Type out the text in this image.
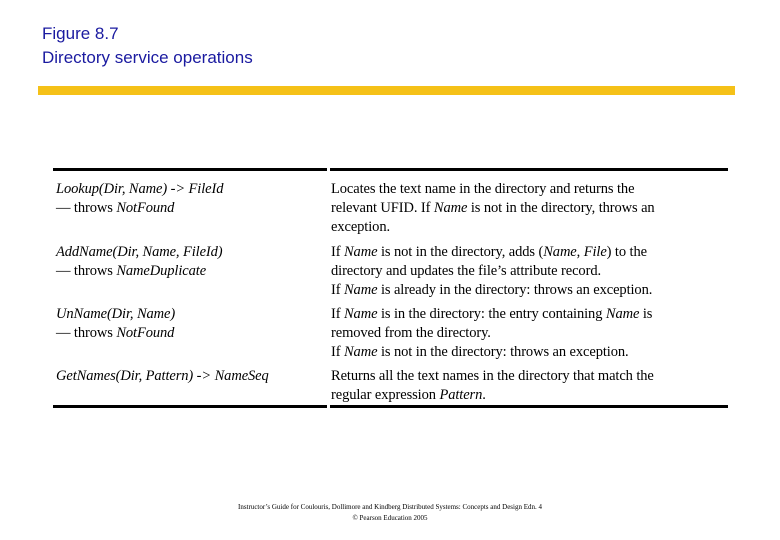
Figure 8.7
Directory service operations
Lookup(Dir, Name) -> FileId
— throws NotFound
Locates the text name in the directory and returns the
relevant UFID. If Name is not in the directory, throws an
exception.
AddName(Dir, Name, FileId)
— throws NameDuplicate
If Name is not in the directory, adds (Name, File) to the
directory and updates the file’s attribute record.
If Name is already in the directory: throws an exception.
UnName(Dir, Name)
— throws NotFound
If Name is in the directory: the entry containing Name is
removed from the directory.
If Name is not in the directory: throws an exception.
GetNames(Dir, Pattern) -> NameSeq	Returns all the text names in the directory that match the
regular expression Pattern.
Instructor’s Guide for Coulouris, Dollimore and Kindberg Distributed Systems: Concepts and Design Edn. 4
© Pearson Education 2005
